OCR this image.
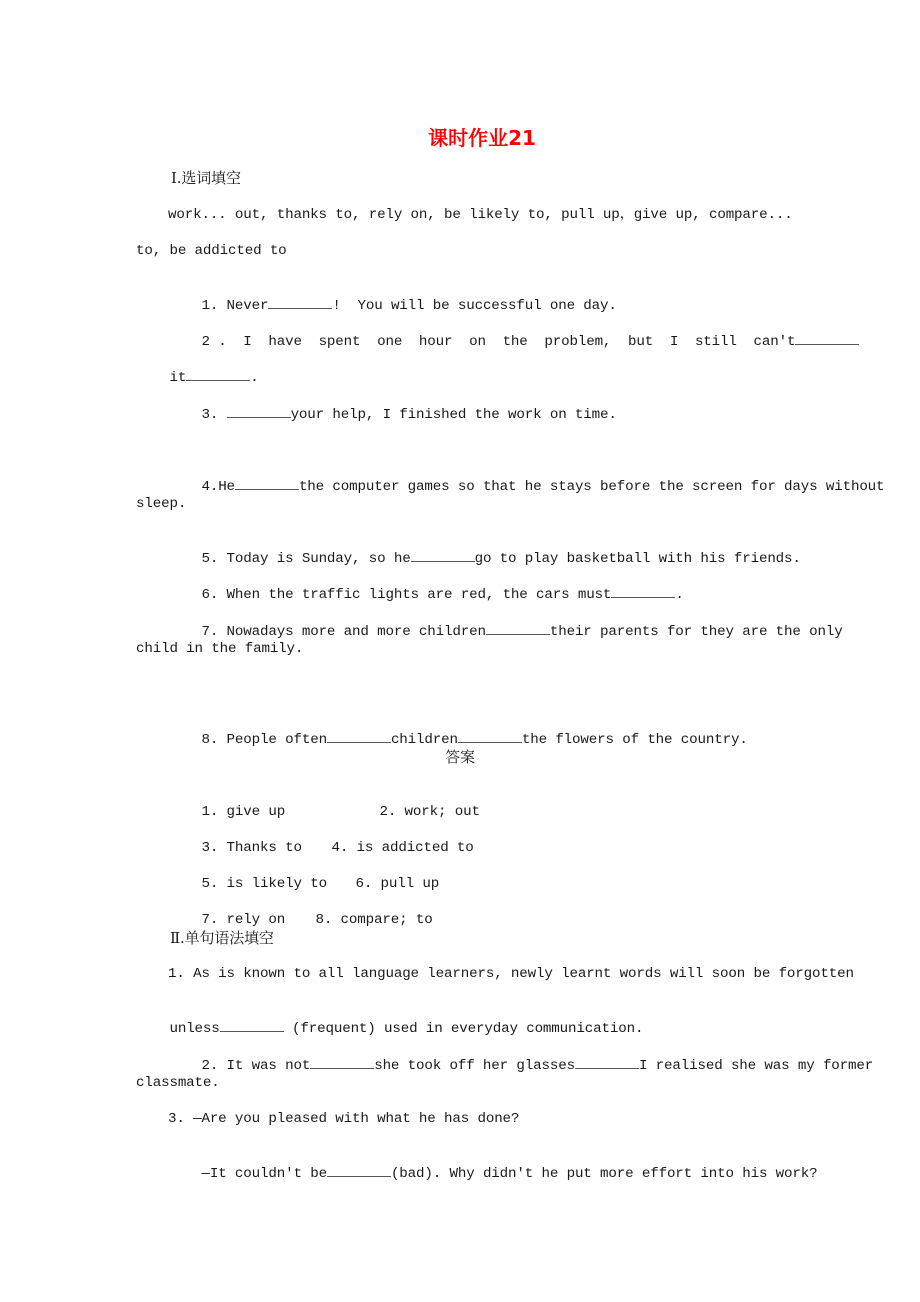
课时作业21
Ⅰ.选词填空
work... out, thanks to, rely on, be likely to, pull up，give up, compare...
to, be addicted to

1. Never	!  You will be successful one day.

2 .  I  have  spent  one  hour  on  the  problem,  but  I  still  can't

it	.

3.	your help, I finished the work on time.

4.He	the computer games so that he stays before the screen for days without

sleep.

5. Today is Sunday, so he	go to play basketball with his friends.

6. When the traffic lights are red, the cars must	.

7. Nowadays more and more children	their parents for they are the only

child in the family.

8. People often	children	the flowers of the country.

答案

1. give up
	2. work; out

3. Thanks to
	4. is addicted to

5. is likely to
	6. pull up

7. rely on
	8. compare; to

Ⅱ.单句语法填空
1. As is known to all language learners, newly learnt words will soon be forgotten

unless	(frequent) used in everyday communication.

2. It was not	she took off her glasses	I realised she was my former

classmate.
3. —Are you pleased with what he has done?

—It couldn't be	(bad). Why didn't he put more effort into his work?
